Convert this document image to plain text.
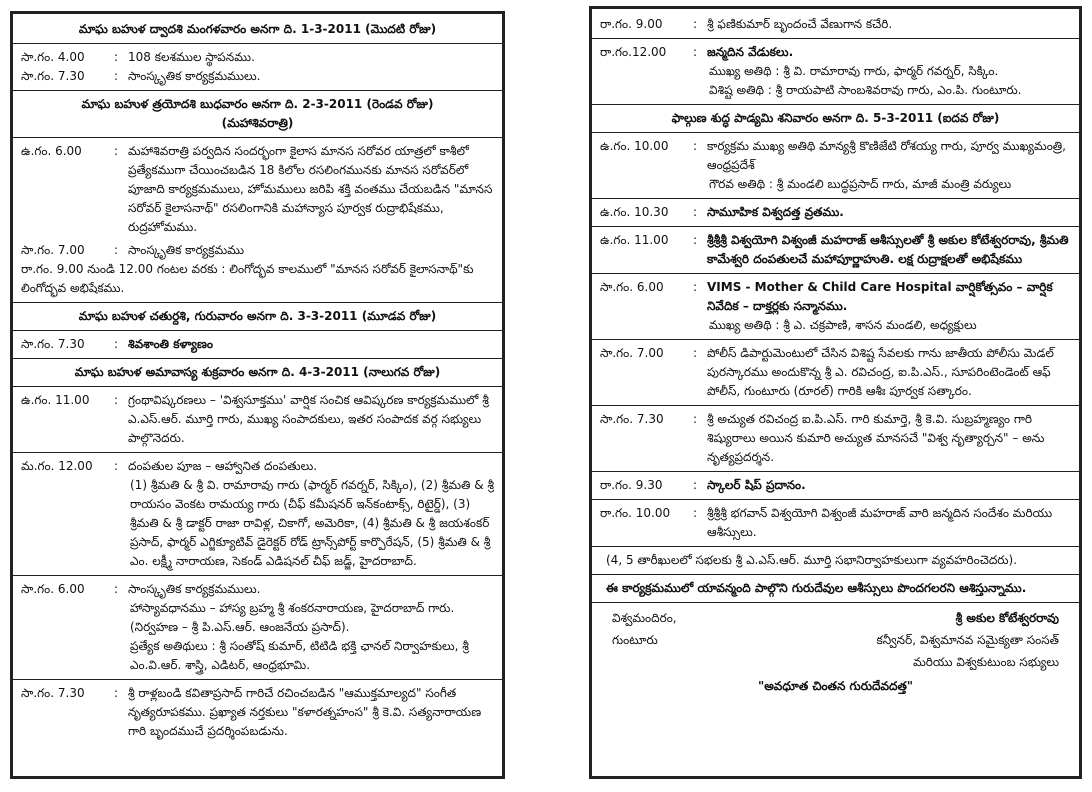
మాఘ బహుళ ద్వాదశి మంగళవారం అనగా ది. 1-3-2011 (మొదటి రోజు)
సా.గం. 4.00	: 108 కలశముల స్థాపనము.
సా.గం. 7.30	: సాంస్కృతిక కార్యక్రమములు.
మాఘ బహుళ త్రయోదశి బుధవారం అనగా ది. 2-3-2011 (రెండవ రోజు)
(మహాశివరాత్రి)
ఉ.గం. 6.00	: మహాశివరాత్రి పర్వదిన సందర్భంగా కైలాస మానస సరోవర యాత్రలో కాశీలో ప్రత్యేకముగా చేయించబడిన 18 కిలోల రసలింగమునకు మానస సరోవర్‌లో పూజాది కార్యక్రమములు, హోమములు జరిపి శక్తి వంతము చేయబడిన "మానస సరోవర్ కైలాసనాథ్" రసలింగానికి మహాన్యాస పూర్వక రుద్రాభిషేకము, రుద్రహోమము.
సా.గం. 7.00	: సాంస్కృతిక కార్యక్రమము
రా.గం. 9.00 నుండి 12.00 గంటల వరకు : లింగోద్భవ కాలములో "మానస సరోవర్ కైలాసనాథ్"కు లింగోద్భవ అభిషేకము.
మాఘ బహుళ చతుర్దశి, గురువారం అనగా ది. 3-3-2011 (మూడవ రోజు)
సా.గం. 7.30	: శివశాంతి కళ్యాణం
మాఘ బహుళ అమావాస్య శుక్రవారం అనగా ది. 4-3-2011 (నాలుగవ రోజు)
ఉ.గం. 11.00	: గ్రంథావిష్కరణలు – 'విశ్వసూక్తము' వార్షిక సంచిక ఆవిష్కరణ కార్యక్రమములో శ్రీ ఎ.ఎస్.ఆర్. మూర్తి గారు, ముఖ్య సంపాదకులు, ఇతర సంపాదక వర్గ సభ్యులు పాల్గొనెదరు.
మ.గం. 12.00	: దంపతుల పూజ – ఆహ్వానిత దంపతులు.
(1) శ్రీమతి & శ్రీ వి. రామారావు గారు (ఫార్మర్ గవర్నర్, సిక్కిం), (2) శ్రీమతి & శ్రీ రాయసం వెంకట రామయ్య గారు (చీఫ్ కమీషనర్ ఇన్‌కంటాక్స్, రిటైర్డ్), (3) శ్రీమతి & శ్రీ డాక్టర్ రాజా రావిళ్ల, చికాగో, అమెరికా, (4) శ్రీమతి & శ్రీ జయశంకర్ ప్రసాద్, ఫార్మర్ ఎగ్జిక్యూటివ్ డైరెక్టర్ రోడ్ ట్రాన్స్‌పోర్ట్ కార్పొరేషన్, (5) శ్రీమతి & శ్రీ ఎం. లక్ష్మీ నారాయణ, సెకండ్ ఎడిషనల్ చీఫ్ జడ్జ్, హైదరాబాద్.
సా.గం. 6.00	: సాంస్కృతిక కార్యక్రమములు.
హాస్యావధానము – హాస్య బ్రహ్మ శ్రీ శంకరనారాయణ, హైదరాబాద్ గారు. (నిర్వహణ – శ్రీ పి.ఎస్.ఆర్. ఆంజనేయ ప్రసాద్).
ప్రత్యేక అతిథులు : శ్రీ సంతోష్ కుమార్, టిటిడి భక్తి ఛానల్ నిర్వాహకులు, శ్రీ ఎం.వి.ఆర్. శాస్త్రి, ఎడిటర్, ఆంధ్రభూమి.
సా.గం. 7.30	: శ్రీ రాళ్లబండి కవితాప్రసాద్ గారిచే రచించబడిన "ఆముక్తమాల్యద" సంగీత నృత్యరూపకము. ప్రఖ్యాత నర్తకులు "కళారత్నహంస" శ్రీ కె.వి. సత్యనారాయణ గారి బృందముచే ప్రదర్శింపబడును.
రా.గం. 9.00	: శ్రీ ఫణికుమార్ బృందంచే వేణుగాన కచేరి.
రా.గం.12.00	: జన్మదిన వేడుకలు.
ముఖ్య అతిథి : శ్రీ వి. రామారావు గారు, ఫార్మర్ గవర్నర్, సిక్కిం.
విశిష్ట అతిథి : శ్రీ రాయపాటి సాంబశివరావు గారు, ఎం.పి. గుంటూరు.
ఫాల్గుణ శుద్ధ పాడ్యమి శనివారం అనగా ది. 5-3-2011 (ఐదవ రోజు)
ఉ.గం. 10.00	: కార్యక్రమ ముఖ్య అతిథి మాన్యశ్రీ కొణిజేటి రోశయ్య గారు, పూర్వ ముఖ్యమంత్రి, ఆంధ్రప్రదేశ్
గౌరవ అతిథి : శ్రీ మండలి బుద్ధప్రసాద్ గారు, మాజీ మంత్రి వర్యులు
ఉ.గం. 10.30	: సామూహిక విశ్వదత్త వ్రతము.
ఉ.గం. 11.00	: శ్రీశ్రీశ్రీ విశ్వయోగి విశ్వంజీ మహరాజ్ ఆశీస్సులతో శ్రీ అకుల కోటేశ్వరరావు, శ్రీమతి కామేశ్వరి దంపతులచే మహాపూర్ణాహుతి. లక్ష రుద్రాక్షలతో అభిషేకము
సా.గం. 6.00	: VIMS - Mother & Child Care Hospital వార్షికోత్సవం – వార్షిక నివేదిక – దాక్తర్లకు సన్మానము.
ముఖ్య అతిథి : శ్రీ ఎ. చక్రపాణి, శాసన మండలి, అధ్యక్షులు
సా.గం. 7.00	: పోలీస్ డిపార్టుమెంటులో చేసిన విశిష్ట సేవలకు గాను జాతీయ పోలీసు మెడల్ పురస్కారము అందుకొన్న శ్రీ ఎ. రవిచంద్ర, ఐ.పి.ఎస్., సూపరింటెండెంట్ ఆఫ్ పోలీస్, గుంటూరు (రూరల్) గారికి ఆశీః పూర్వక సత్కారం.
సా.గం. 7.30	: శ్రీ అచ్యుత రవిచంద్ర ఐ.పి.ఎస్. గారి కుమార్తె, శ్రీ కె.వి. సుబ్రహ్మణ్యం గారి శిష్యురాలు అయిన కుమారి అచ్యుత మానసచే "విశ్వ నృత్యార్చన" – అను నృత్యప్రదర్శన.
రా.గం. 9.30	: స్కాలర్ షిప్ ప్రదానం.
రా.గం. 10.00	: శ్రీశ్రీశ్రీ భగవాన్ విశ్వయోగి విశ్వంజీ మహరాజ్ వారి జన్మదిన సందేశం మరియు ఆశీస్సులు.
(4, 5 తారీఖులలో సభలకు శ్రీ ఎ.ఎస్.ఆర్. మూర్తి సభానిర్వాహకులుగా వ్యవహరించెదరు).
ఈ కార్యక్రమములో యావన్మంది పాల్గొని గురుదేవుల ఆశీస్సులు పొందగలరని ఆశిస్తున్నాము.
విశ్వమందిరం,
గుంటూరు
శ్రీ అకుల కోటేశ్వరరావు
కన్వీనర్, విశ్వమానవ సమైక్యతా సంసత్
మరియు విశ్వకుటుంబ సభ్యులు
"అవధూత చింతన గురుదేవదత్త"
